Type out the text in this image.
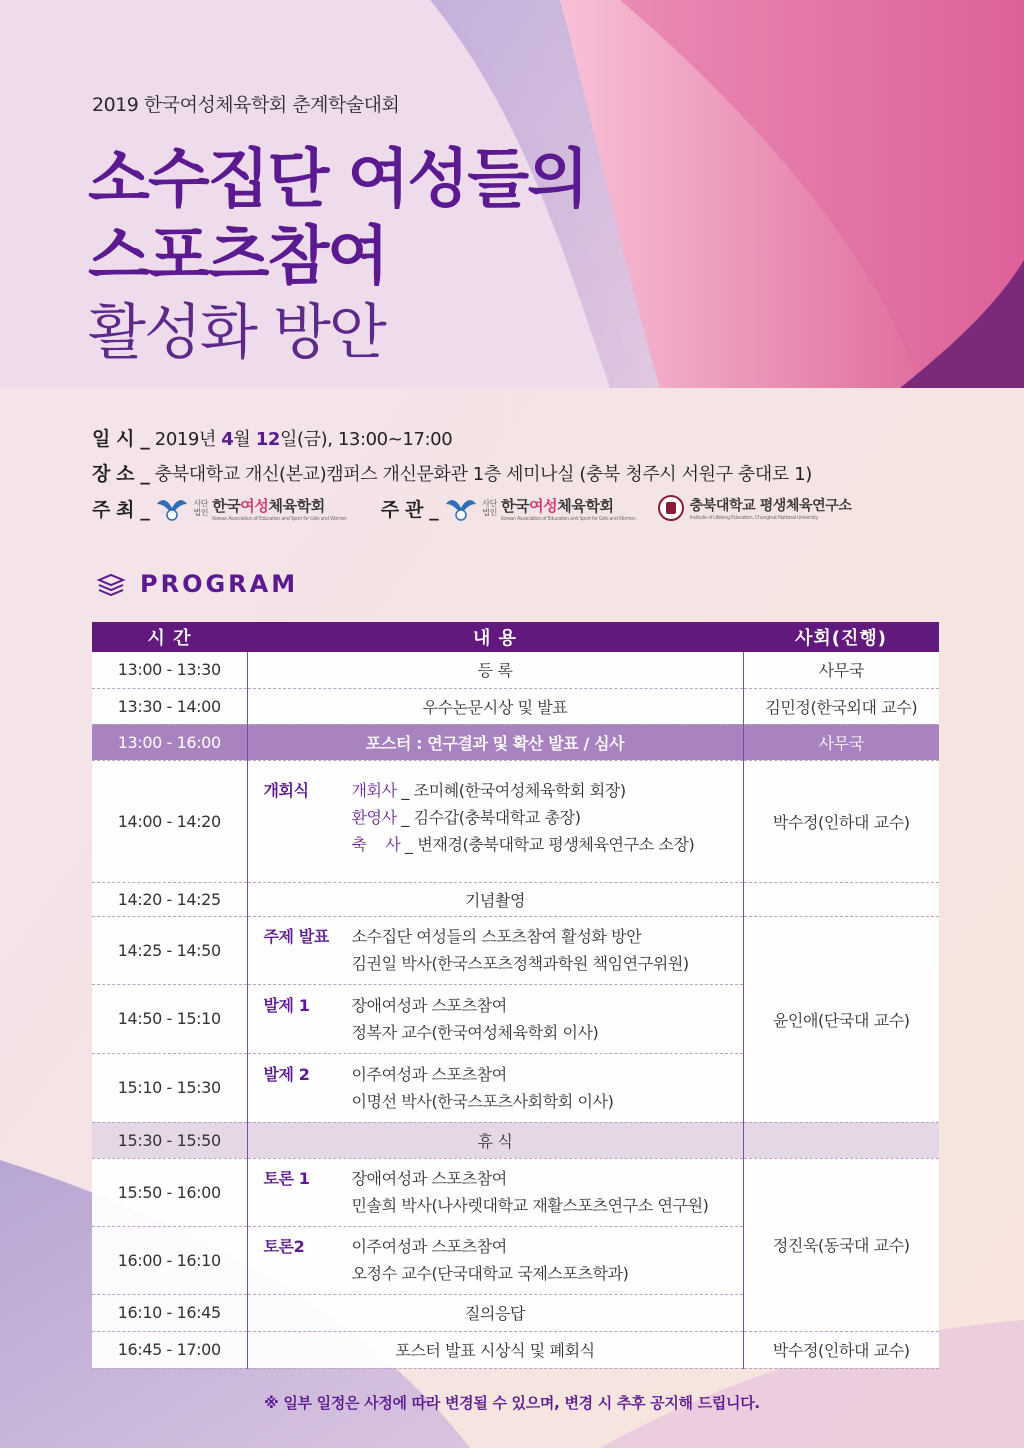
2019 한국여성체육학회 춘계학술대회
소수집단 여성들의
스포츠참여
활성화 방안
일 시 _ 2019년 4월 12일(금), 13:00~17:00
장 소 _ 충북대학교 개신(본교)캠퍼스 개신문화관 1층 세미나실 (충북 청주시 서원구 충대로 1)
주 최 _	사단
법인 한국여성체육학회
Korean Association of Education and Sport for Girls and Women 주 관 _	사단
법인 한국여성체육학회
Korean Association of Education and Sport for Girls and Women
충북대학교 평생체육연구소
Institute of Lifelong Education, Chungbuk National University
PROGRAM
시 간	내 용	사회(진행)
13:00 - 13:30	등 록	사무국
13:30 - 14:00	우수논문시상 및 발표	김민정(한국외대 교수)
13:00 - 16:00	포스터 : 연구결과 및 확산 발표 / 심사	사무국
14:00 - 14:20	개회식 개회사 _ 조미혜(한국여성체육학회 회장)
환영사 _ 김수갑(충북대학교 총장)
축    사 _ 변재경(충북대학교 평생체육연구소 소장)	박수정(인하대 교수)
14:20 - 14:25	기념촬영	
14:25 - 14:50	주제 발표 소수집단 여성들의 스포츠참여 활성화 방안
김권일 박사(한국스포츠정책과학원 책임연구위원)	윤인애(단국대 교수)
14:50 - 15:10	발제 1 장애여성과 스포츠참여
정복자 교수(한국여성체육학회 이사)	

15:10 - 15:30	발제 2 이주여성과 스포츠참여
이명선 박사(한국스포츠사회학회 이사)	

15:30 - 15:50	휴 식	
15:50 - 16:00	토론 1 장애여성과 스포츠참여
민솔희 박사(나사렛대학교 재활스포츠연구소 연구원)	정진욱(동국대 교수)
16:00 - 16:10	토론2 이주여성과 스포츠참여
오정수 교수(단국대학교 국제스포츠학과)	

16:10 - 16:45	질의응답	
16:45 - 17:00	포스터 발표 시상식 및 폐회식	박수정(인하대 교수)
※ 일부 일정은 사정에 따라 변경될 수 있으며, 변경 시 추후 공지해 드립니다.
